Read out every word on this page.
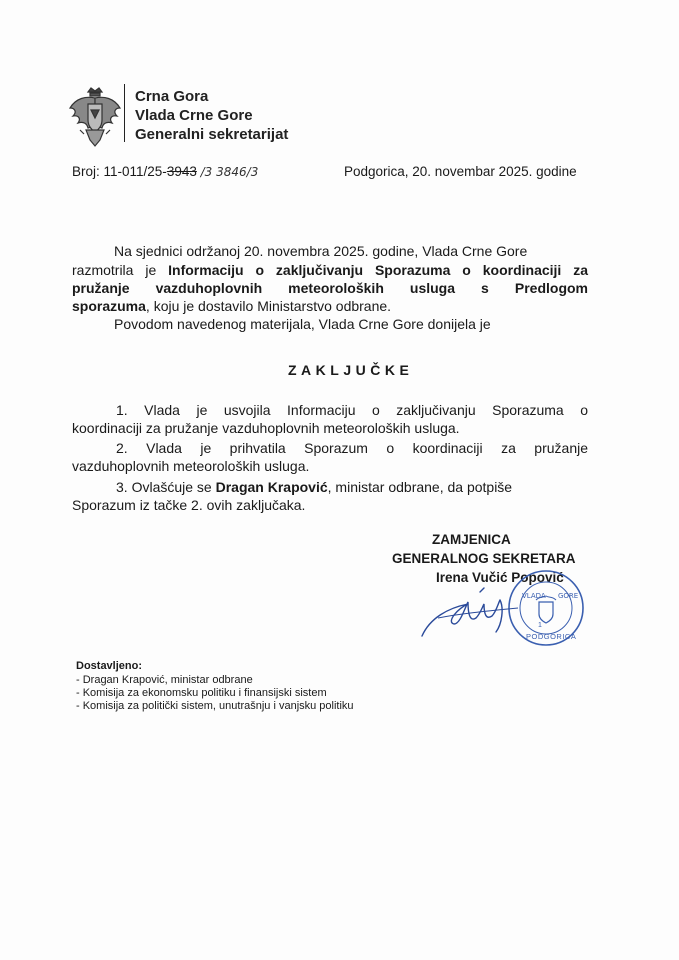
Crna Gora
Vlada Crne Gore
Generalni sekretarijat
Broj: 11-011/25-3943 /3 3846/3	Podgorica, 20. novembar 2025. godine
Na sjednici održanoj 20. novembra 2025. godine, Vlada Crne Gore
razmotrila je Informaciju o zaključivanju Sporazuma o koordinaciji za
pružanje vazduhoplovnih meteoroloških usluga s Predlogom
sporazuma, koju je dostavilo Ministarstvo odbrane.
Povodom navedenog materijala, Vlada Crne Gore donijela je
ZAKLJUČKE
1. Vlada je usvojila Informaciju o zaključivanju Sporazuma o
koordinaciji za pružanje vazduhoplovnih meteoroloških usluga.
2. Vlada je prihvatila Sporazum o koordinaciji za pružanje
vazduhoplovnih meteoroloških usluga.
3. Ovlašćuje se Dragan Krapović, ministar odbrane, da potpiše
Sporazum iz tačke 2. ovih zaključaka.
ZAMJENICA
GENERALNOG SEKRETARA
Irena Vučić Popović
VLADA GORE
1
PODGORICA
Dostavljeno:
- Dragan Krapović, ministar odbrane
- Komisija za ekonomsku politiku i finansijski sistem
- Komisija za politički sistem, unutrašnju i vanjsku politiku
